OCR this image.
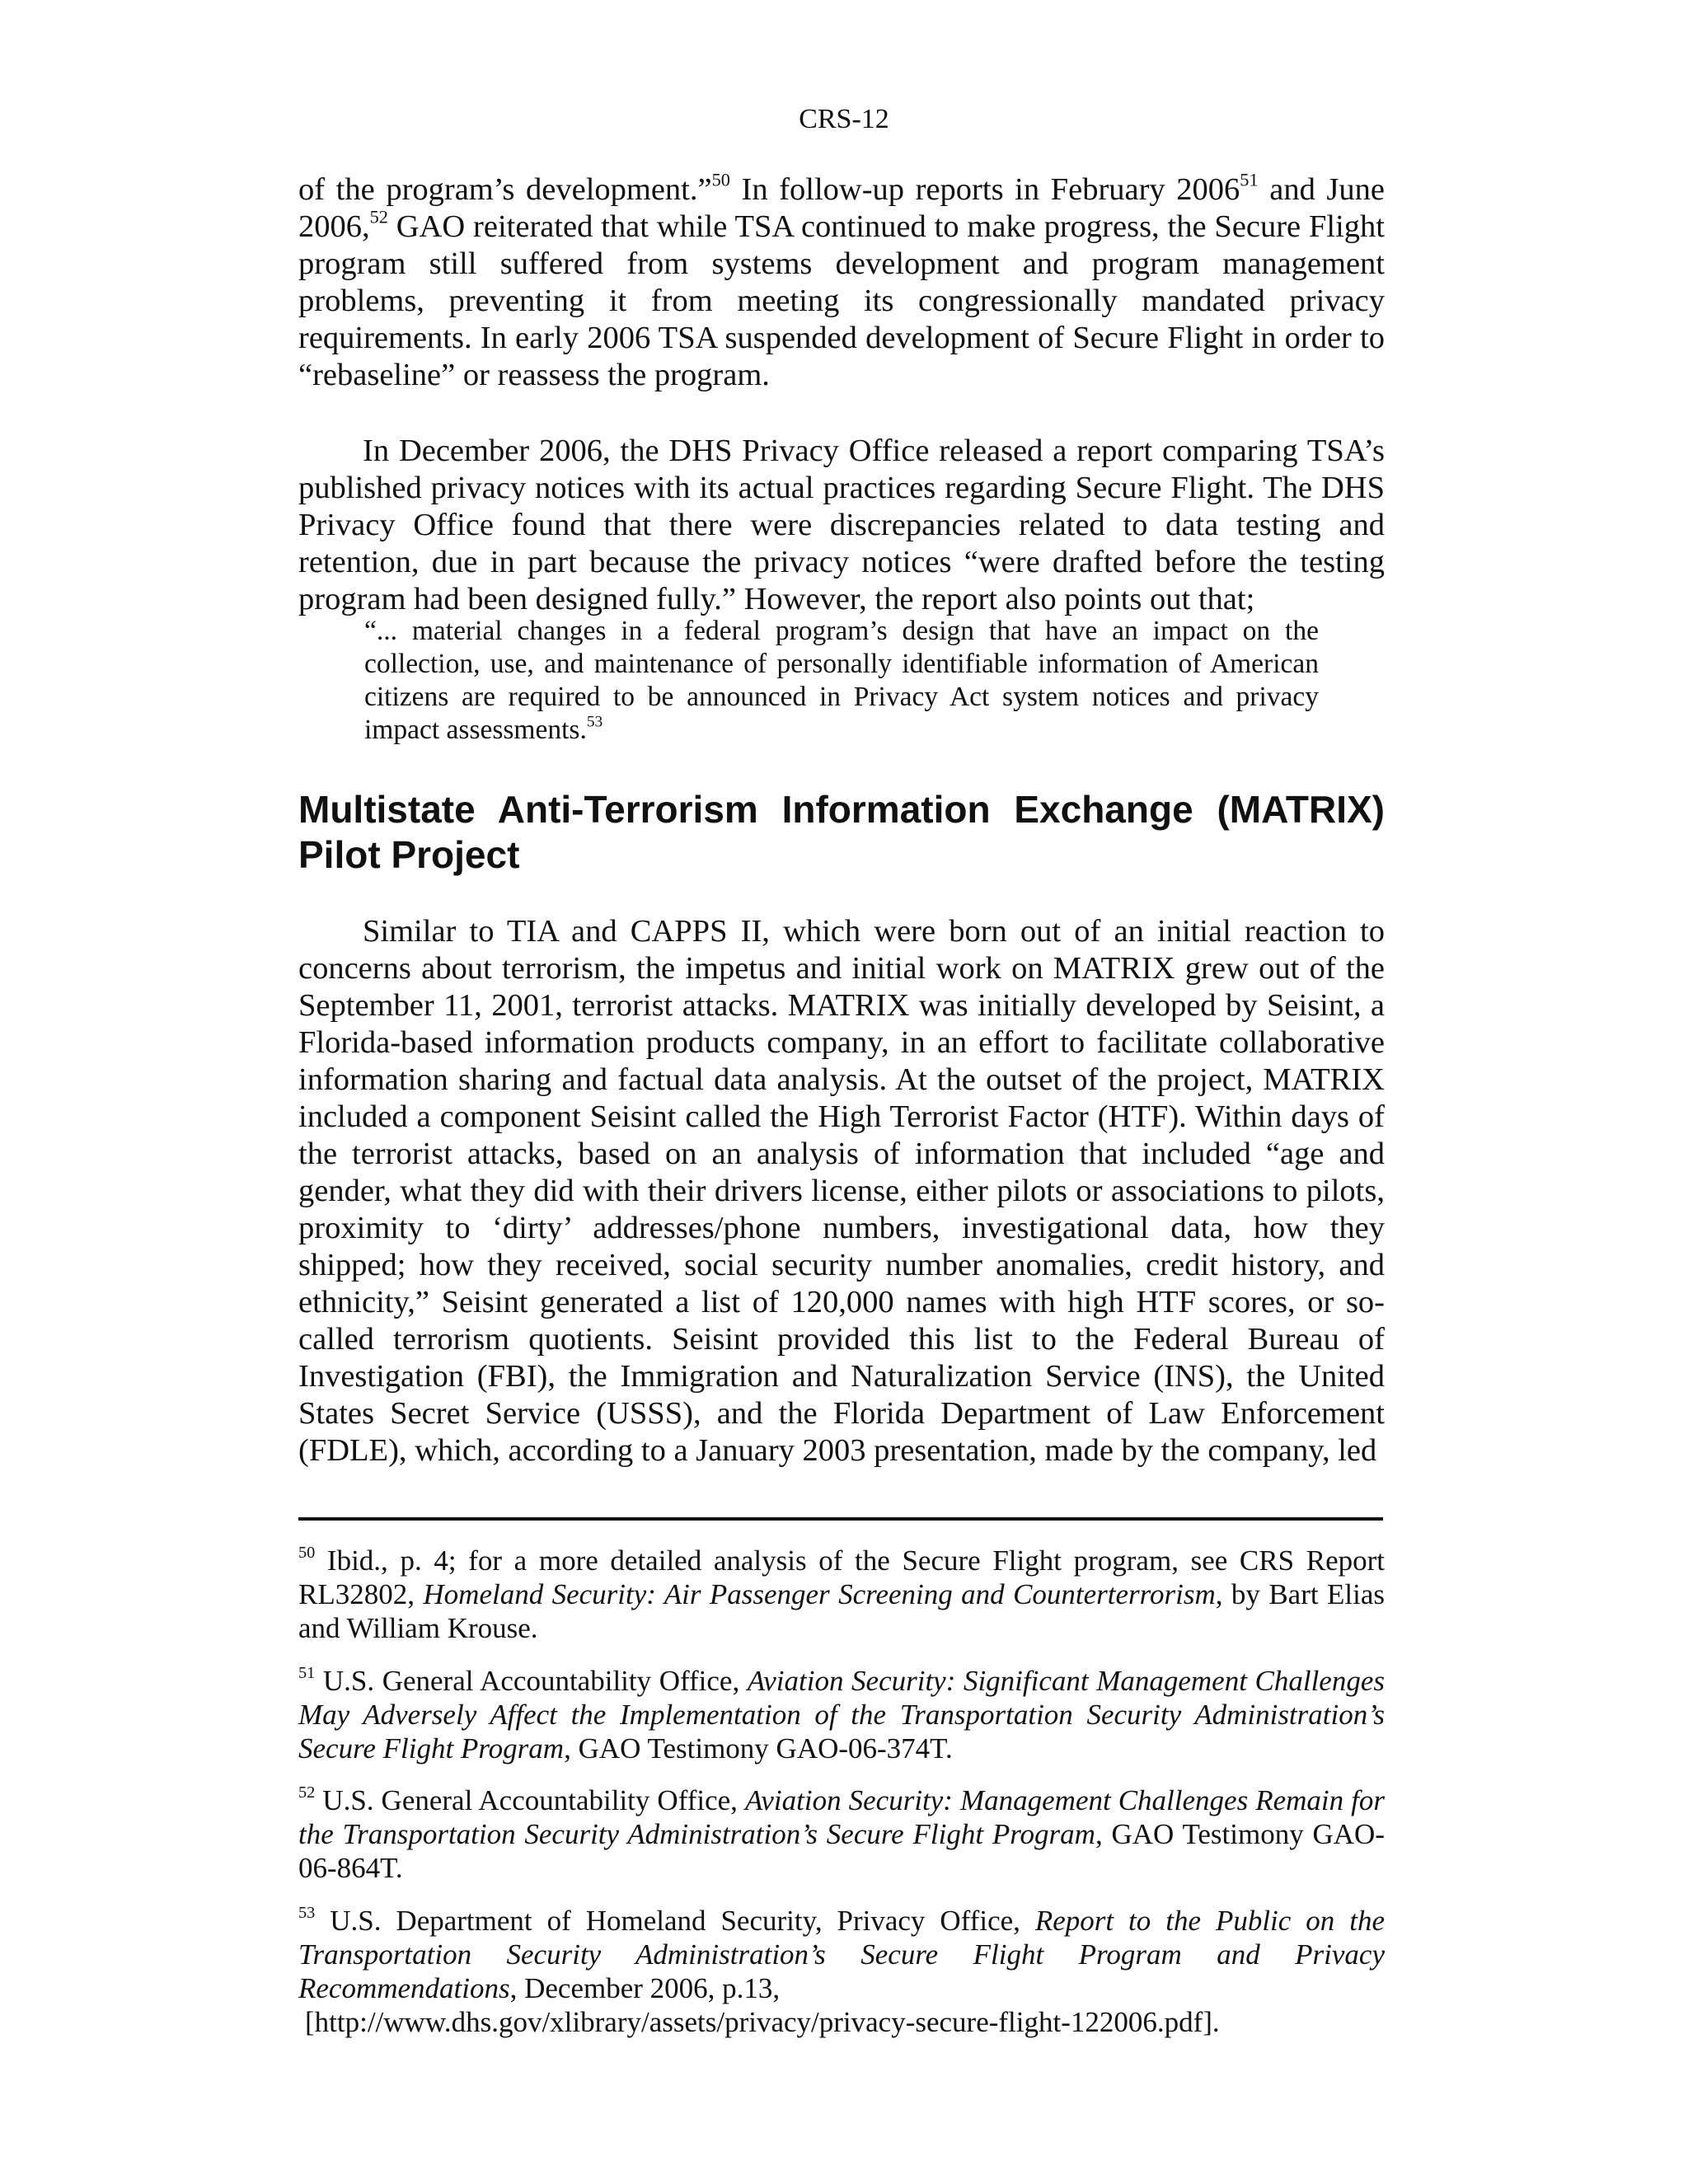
CRS-12

of the program’s development.”$^{50}$ In follow-up reports in February 2006$^{51}$ and June 2006,52 GAO reiterated that while TSA continued to make progress, the Secure Flight program still suffered from systems development and program management problems, preventing it from meeting its congressionally mandated privacy requirements. In early 2006 TSA suspended development of Secure Flight in order to “rebaseline” or reassess the program.

In December 2006, the DHS Privacy Office released a report comparing TSA’s published privacy notices with its actual practices regarding Secure Flight. The DHS Privacy Office found that there were discrepancies related to data testing and retention, due in part because the privacy notices “were drafted before the testing program had been designed fully.” However, the report also points out that;

“... material changes in a federal program’s design that have an impact on the collection, use, and maintenance of personally identifiable information of American citizens are required to be announced in Privacy Act system notices and privacy impact assessments.$^{53}$

Multistate Anti-Terrorism Information Exchange (MATRIX) Pilot Project

Similar to TIA and CAPPS II, which were born out of an initial reaction to concerns about terrorism, the impetus and initial work on MATRIX grew out of the September 11, 2001, terrorist attacks. MATRIX was initially developed by Seisint, a Florida-based information products company, in an effort to facilitate collaborative information sharing and factual data analysis. At the outset of the project, MATRIX included a component Seisint called the High Terrorist Factor (HTF). Within days of the terrorist attacks, based on an analysis of information that included “age and gender, what they did with their drivers license, either pilots or associations to pilots, proximity to ‘dirty’ addresses/phone numbers, investigational data, how they shipped; how they received, social security number anomalies, credit history, and ethnicity,” Seisint generated a list of 120,000 names with high HTF scores, or so-called terrorism quotients. Seisint provided this list to the Federal Bureau of Investigation (FBI), the Immigration and Naturalization Service (INS), the United States Secret Service (USSS), and the Florida Department of Law Enforcement (FDLE), which, according to a January 2003 presentation, made by the company, led

$^{50}$ Ibid., p. 4; for a more detailed analysis of the Secure Flight program, see CRS Report RL32802, Homeland Security: Air Passenger Screening and Counterterrorism, by Bart Elias and William Krouse.

$^{51}$ U.S. General Accountability Office, Aviation Security: Significant Management Challenges May Adversely Affect the Implementation of the Transportation Security Administration’s Secure Flight Program, GAO Testimony GAO-06-374T.

$^{52}$ U.S. General Accountability Office, Aviation Security: Management Challenges Remain for the Transportation Security Administration’s Secure Flight Program, GAO Testimony GAO-06-864T.

$^{53}$ U.S. Department of Homeland Security, Privacy Office, Report to the Public on the Transportation Security Administration’s Secure Flight Program and Privacy Recommendations, December 2006, p.13,

[http://www.dhs.gov/xlibrary/assets/privacy/privacy-secure-flight-122006.pdf].
